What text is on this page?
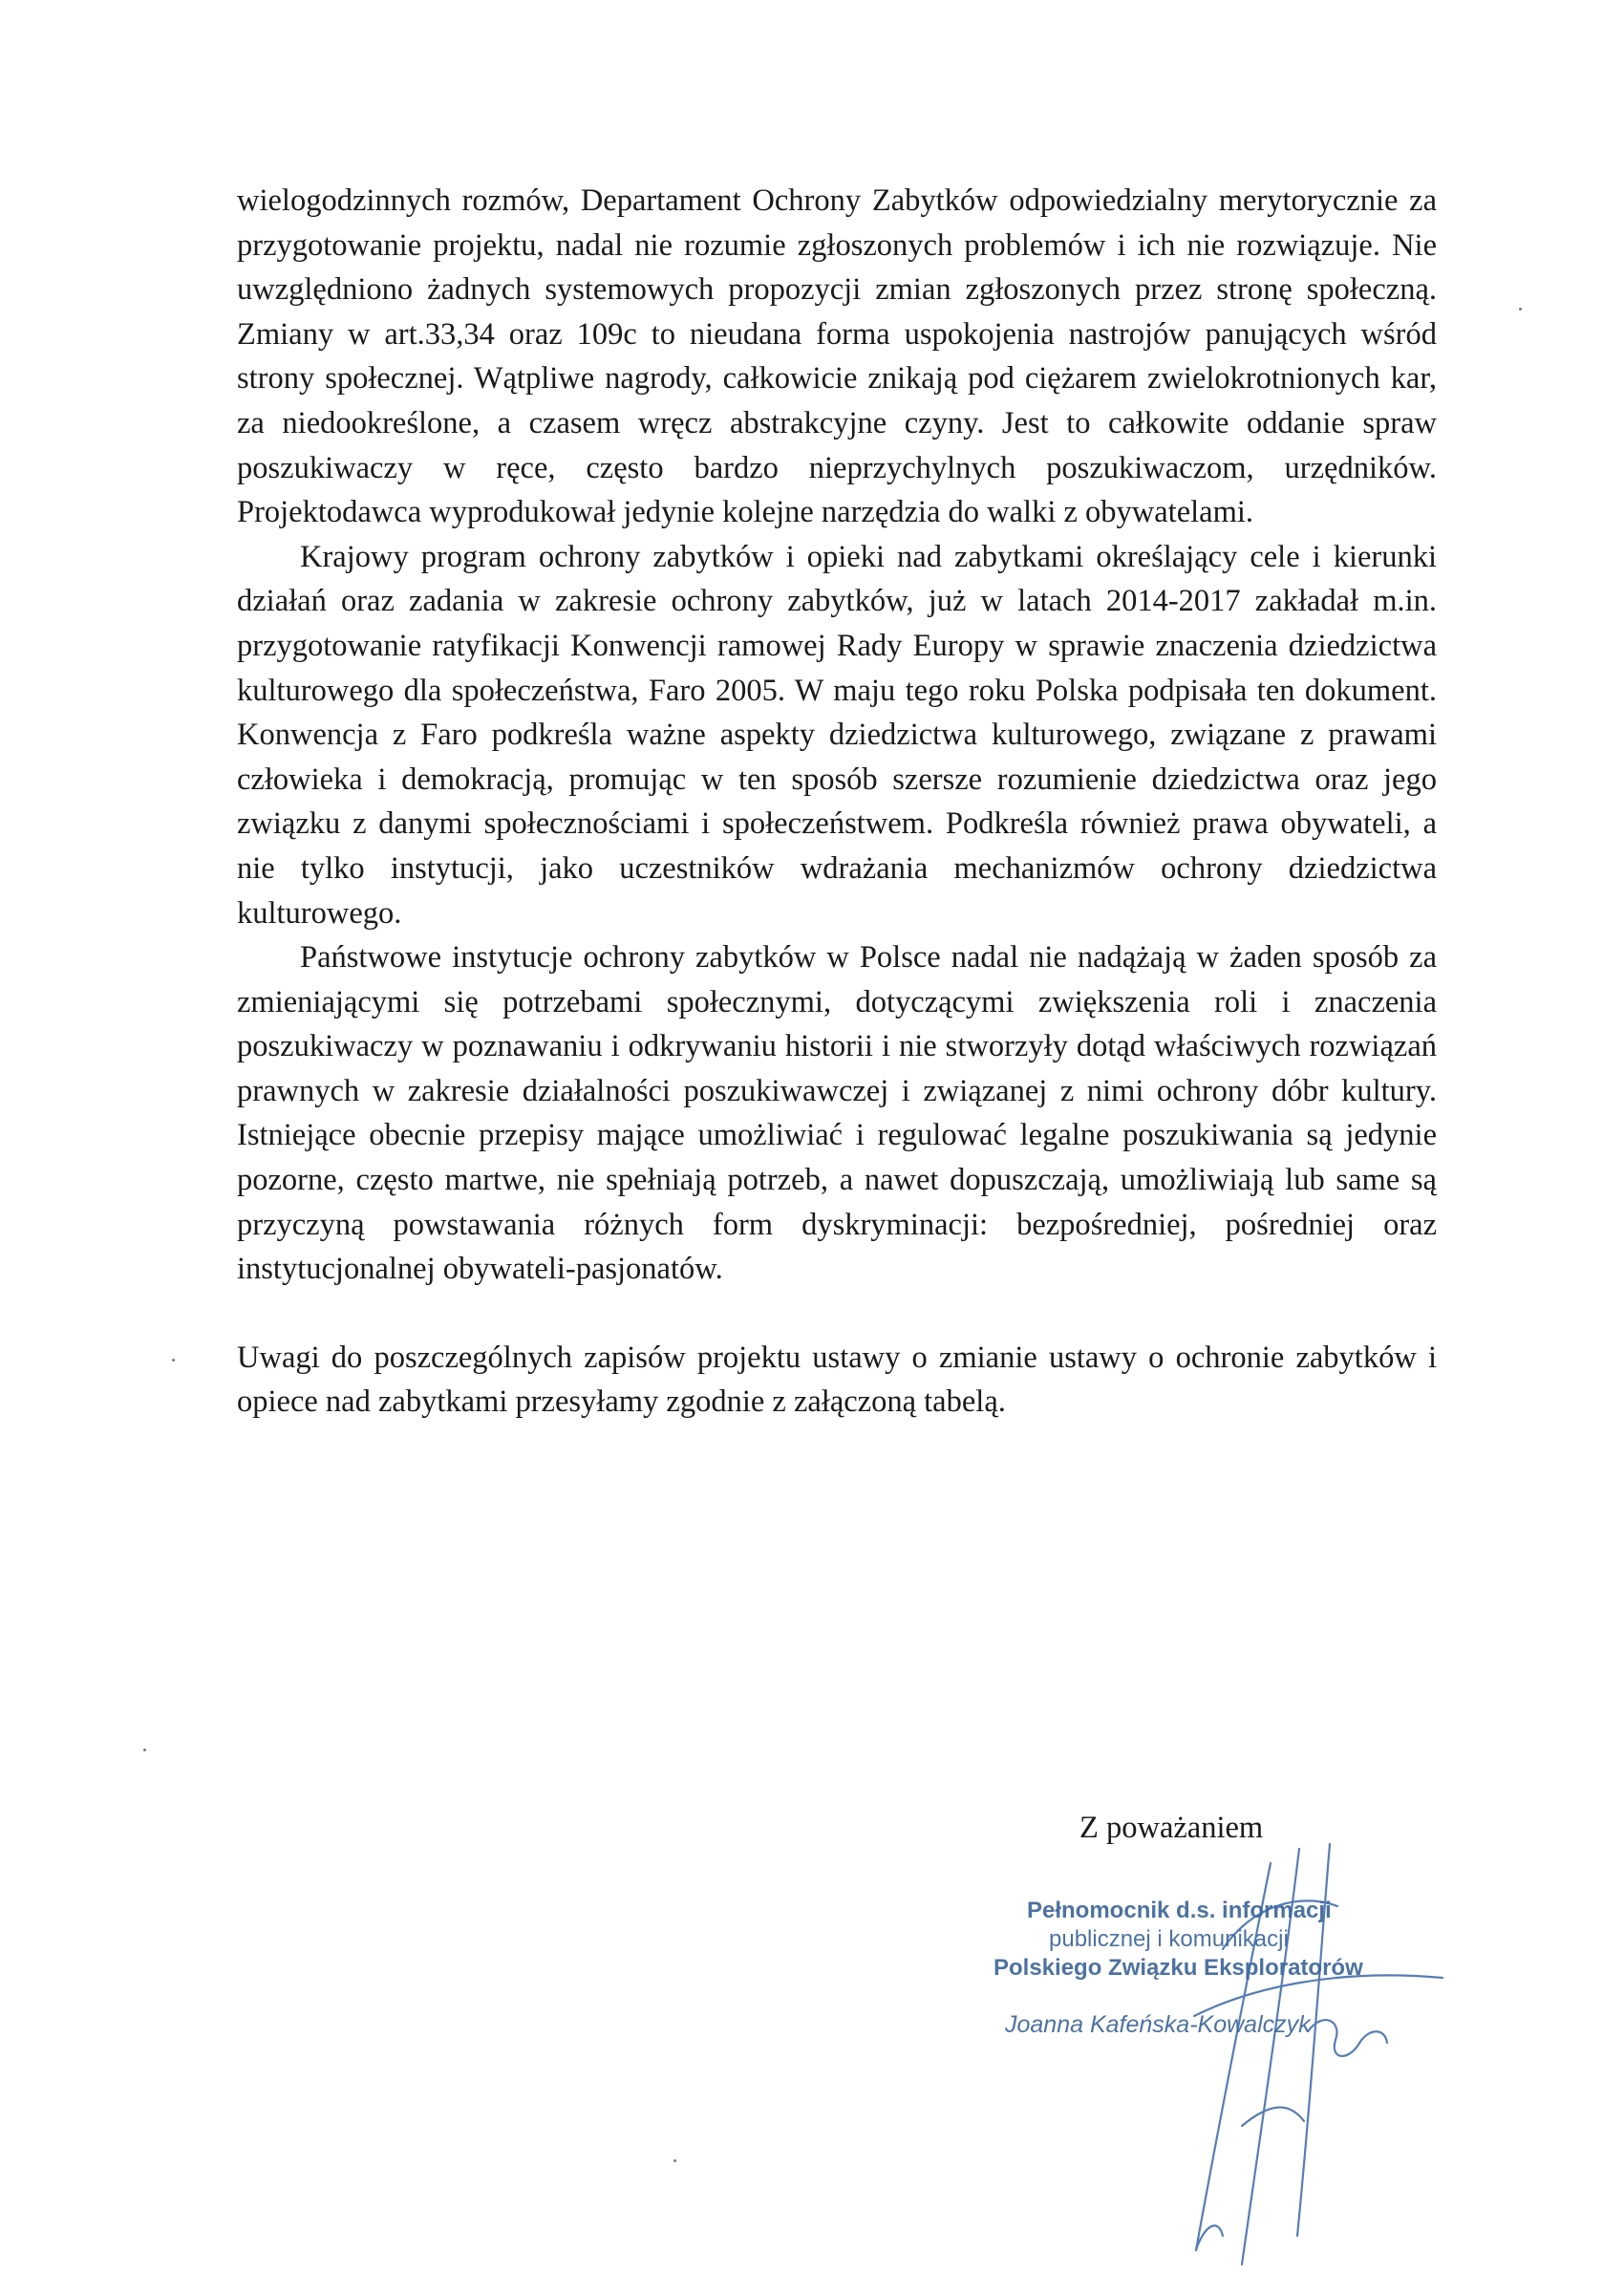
wielogodzinnych rozmów, Departament Ochrony Zabytków odpowiedzialny merytorycznie za przygotowanie projektu, nadal nie rozumie zgłoszonych problemów i ich nie rozwiązuje. Nie uwzględniono żadnych systemowych propozycji zmian zgłoszonych przez stronę społeczną. Zmiany w art.33,34 oraz 109c to nieudana forma uspokojenia nastrojów panujących wśród strony społecznej. Wątpliwe nagrody, całkowicie znikają pod ciężarem zwielokrotnionych kar, za niedookreślone, a czasem wręcz abstrakcyjne czyny. Jest to całkowite oddanie spraw poszukiwaczy w ręce, często bardzo nieprzychylnych poszukiwaczom, urzędników. Projektodawca wyprodukował jedynie kolejne narzędzia do walki z obywatelami.

Krajowy program ochrony zabytków i opieki nad zabytkami określający cele i kierunki działań oraz zadania w zakresie ochrony zabytków, już w latach 2014-2017 zakładał m.in. przygotowanie ratyfikacji Konwencji ramowej Rady Europy w sprawie znaczenia dziedzictwa kulturowego dla społeczeństwa, Faro 2005. W maju tego roku Polska podpisała ten dokument. Konwencja z Faro podkreśla ważne aspekty dziedzictwa kulturowego, związane z prawami człowieka i demokracją, promując w ten sposób szersze rozumienie dziedzictwa oraz jego związku z danymi społecznościami i społeczeństwem. Podkreśla również prawa obywateli, a nie tylko instytucji, jako uczestników wdrażania mechanizmów ochrony dziedzictwa kulturowego.

Państwowe instytucje ochrony zabytków w Polsce nadal nie nadążają w żaden sposób za zmieniającymi się potrzebami społecznymi, dotyczącymi zwiększenia roli i znaczenia poszukiwaczy w poznawaniu i odkrywaniu historii i nie stworzyły dotąd właściwych rozwiązań prawnych w zakresie działalności poszukiwawczej i związanej z nimi ochrony dóbr kultury. Istniejące obecnie przepisy mające umożliwiać i regulować legalne poszukiwania są jedynie pozorne, często martwe, nie spełniają potrzeb, a nawet dopuszczają, umożliwiają lub same są przyczyną powstawania różnych form dyskryminacji: bezpośredniej, pośredniej oraz instytucjonalnej obywateli-pasjonatów.

Uwagi do poszczególnych zapisów projektu ustawy o zmianie ustawy o ochronie zabytków i opiece nad zabytkami przesyłamy zgodnie z załączoną tabelą.

Z poważaniem
Pełnomocnik d.s. informacji
publicznej i komunikacji
Polskiego Związku Eksploratorów
Joanna Kafeńska-Kowalczyk
